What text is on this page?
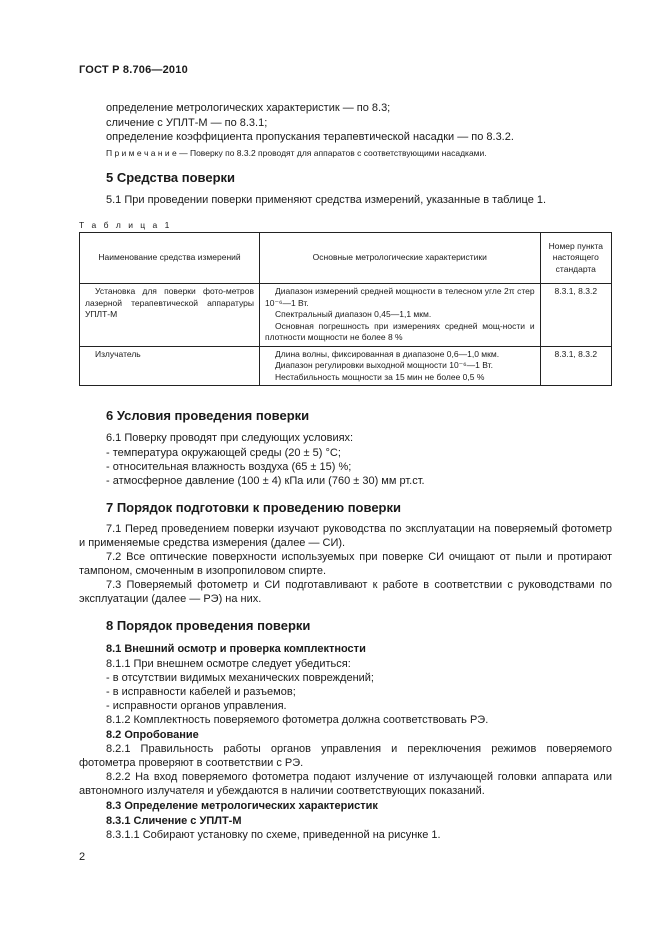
ГОСТ Р 8.706—2010
определение метрологических характеристик — по 8.3;
сличение с УПЛТ-М — по 8.3.1;
определение коэффициента пропускания терапевтической насадки — по 8.3.2.
П р и м е ч а н и е — Поверку по 8.3.2 проводят для аппаратов с соответствующими насадками.
5 Средства поверки
5.1 При проведении поверки применяют средства измерений, указанные в таблице 1.
Т а б л и ц а 1
Наименование средства измерений	Основные метрологические характеристики	Номер пункта настоящего стандарта
Установка для поверки фото-метров лазерной терапевтической аппаратуры УПЛТ-М	Диапазон измерений средней мощности в телесном угле 2π стер 10⁻⁶—1 Вт.
Спектральный диапазон 0,45—1,1 мкм.
Основная погрешность при измерениях средней мощ-ности и плотности мощности не более 8 %	8.3.1, 8.3.2
Излучатель	Длина волны, фиксированная в диапазоне 0,6—1,0 мкм.
Диапазон регулировки выходной мощности 10⁻⁶—1 Вт.
Нестабильность мощности за 15 мин не более 0,5 %	8.3.1, 8.3.2
6 Условия проведения поверки
6.1 Поверку проводят при следующих условиях:
- температура окружающей среды (20 ± 5) °С;
- относительная влажность воздуха (65 ± 15) %;
- атмосферное давление (100 ± 4) кПа или (760 ± 30) мм рт.ст.
7 Порядок подготовки к проведению поверки
7.1 Перед проведением поверки изучают руководства по эксплуатации на поверяемый фотометр и применяемые средства измерения (далее — СИ).
7.2 Все оптические поверхности используемых при поверке СИ очищают от пыли и протирают тампоном, смоченным в изопропиловом спирте.
7.3 Поверяемый фотометр и СИ подготавливают к работе в соответствии с руководствами по эксплуатации (далее — РЭ) на них.
8 Порядок проведения поверки
8.1 Внешний осмотр и проверка комплектности
8.1.1 При внешнем осмотре следует убедиться:
- в отсутствии видимых механических повреждений;
- в исправности кабелей и разъемов;
- исправности органов управления.
8.1.2 Комплектность поверяемого фотометра должна соответствовать РЭ.
8.2 Опробование
8.2.1 Правильность работы органов управления и переключения режимов поверяемого фотометра проверяют в соответствии с РЭ.
8.2.2 На вход поверяемого фотометра подают излучение от излучающей головки аппарата или автономного излучателя и убеждаются в наличии соответствующих показаний.
8.3 Определение метрологических характеристик
8.3.1 Сличение с УПЛТ-М
8.3.1.1 Собирают установку по схеме, приведенной на рисунке 1.
2
